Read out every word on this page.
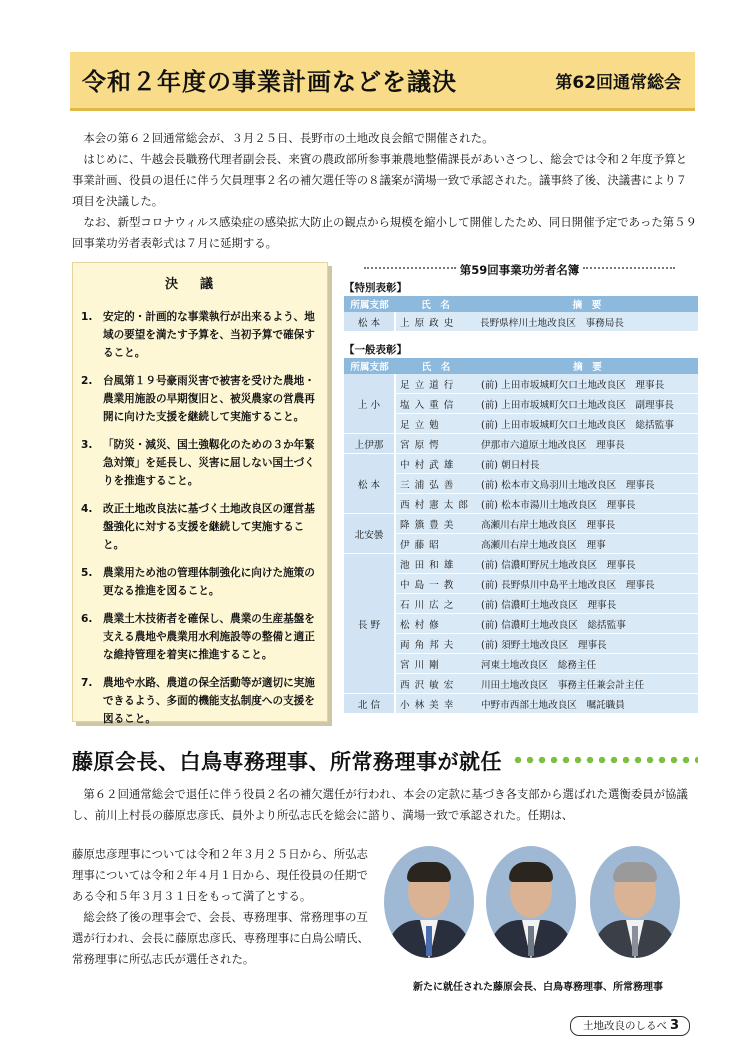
令和２年度の事業計画などを議決	第62回通常総会

本会の第６２回通常総会が、３月２５日、長野市の土地改良会館で開催された。

はじめに、牛越会長職務代理者副会長、来賓の農政部所参事兼農地整備課長があいさつし、総会では令和２年度予算と事業計画、役員の退任に伴う欠員理事２名の補欠選任等の８議案が満場一致で承認された。議事終了後、決議書により７項目を決議した。

なお、新型コロナウィルス感染症の感染拡大防止の観点から規模を縮小して開催したため、同日開催予定であった第５９回事業功労者表彰式は７月に延期する。

決議
1. 安定的・計画的な事業執行が出来るよう、地域の要望を満たす予算を、当初予算で確保すること。
2. 台風第１９号豪雨災害で被害を受けた農地・農業用施設の早期復旧と、被災農家の営農再開に向けた支援を継続して実施すること。
3. 「防災・減災、国土強靱化のための３か年緊急対策」を延長し、災害に屈しない国土づくりを推進すること。
4. 改正土地改良法に基づく土地改良区の運営基盤強化に対する支援を継続して実施すること。
5. 農業用ため池の管理体制強化に向けた施策の更なる推進を図ること。
6. 農業土木技術者を確保し、農業の生産基盤を支える農地や農業用水利施設等の整備と適正な維持管理を着実に推進すること。
7. 農地や水路、農道の保全活動等が適切に実施できるよう、多面的機能支払制度への支援を図ること。
第59回事業功労者名簿
【特別表彰】
所属支部	氏　名	摘　要
松 本	上原政史	長野県梓川土地改良区　事務局長
【一般表彰】
所属支部	氏　名	摘　要
上 小	足立道行	(前) 上田市坂城町欠口土地改良区　理事長
	塩入重信	(前) 上田市坂城町欠口土地改良区　副理事長
	足立勉	(前) 上田市坂城町欠口土地改良区　総括監事
上伊那	宮原愕	伊那市六道原土地改良区　理事長
松 本	中村武雄	(前) 朝日村長
	三浦弘善	(前) 松本市文鳥羽川土地改良区　理事長
	西村憲太郎	(前) 松本市湯川土地改良区　理事長
北安曇	降籏豊美	高瀬川右岸土地改良区　理事長
	伊藤昭	高瀬川右岸土地改良区　理事
長 野	池田和雄	(前) 信濃町野尻土地改良区　理事長
	中島一教	(前) 長野県川中島平土地改良区　理事長
	石川広之	(前) 信濃町土地改良区　理事長
	松村修	(前) 信濃町土地改良区　総括監事
	両角邦夫	(前) 須野土地改良区　理事長
	宮川剛	河東土地改良区　総務主任
	西沢敏宏	川田土地改良区　事務主任兼会計主任
北 信	小林美幸	中野市西部土地改良区　嘱託職員
藤原会長、白鳥専務理事、所常務理事が就任

第６２回通常総会で退任に伴う役員２名の補欠選任が行われ、本会の定款に基づき各支部から選ばれた選衡委員が協議し、前川上村長の藤原忠彦氏、員外より所弘志氏を総会に諮り、満場一致で承認された。任期は、

藤原忠彦理事については令和２年３月２５日から、所弘志理事については令和２年４月１日から、現任役員の任期である令和５年３月３１日をもって満了とする。

総会終了後の理事会で、会長、専務理事、常務理事の互選が行われ、会長に藤原忠彦氏、専務理事に白鳥公晴氏、常務理事に所弘志氏が選任された。

新たに就任された藤原会長、白鳥専務理事、所常務理事
土地改良のしるべ 3
